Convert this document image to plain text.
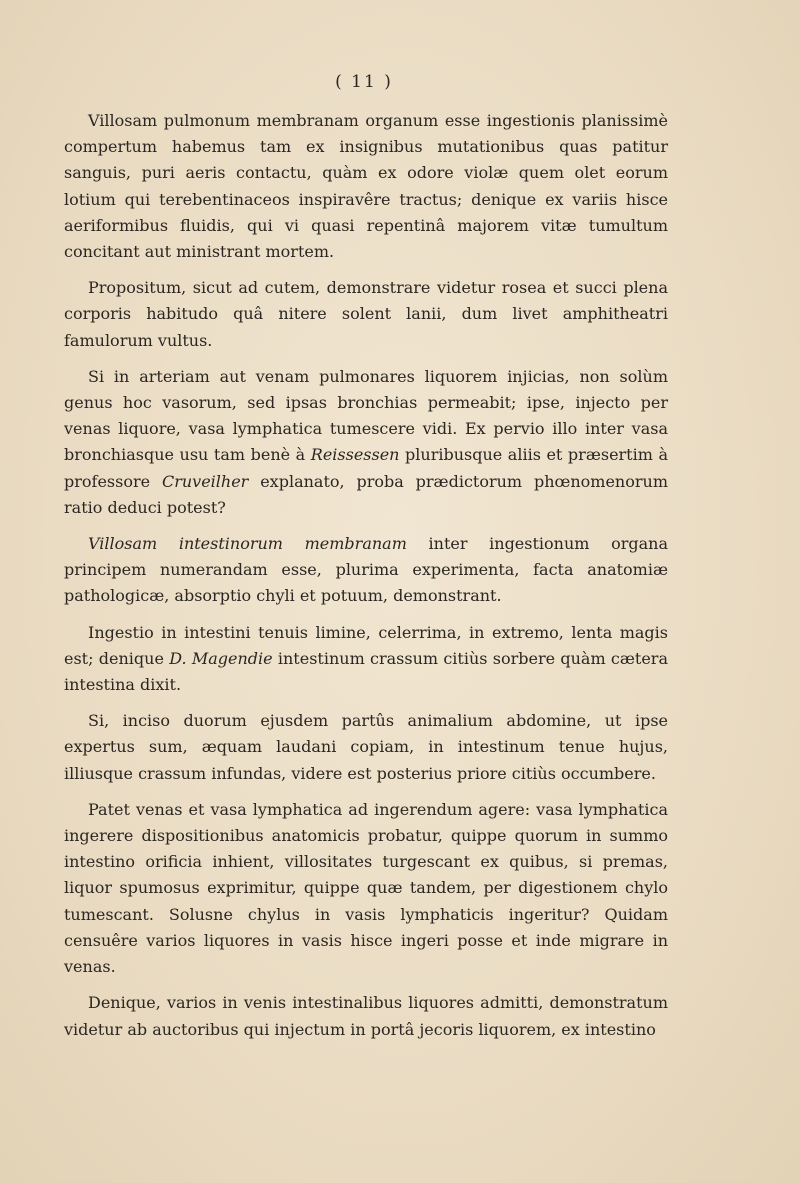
( 11 )

Villosam pulmonum membranam organum esse ingestionis planissimè compertum habemus tam ex insignibus mutationibus quas patitur sanguis, puri aeris contactu, quàm ex odore violæ quem olet eorum lotium qui terebentinaceos inspiravêre tractus; denique ex variis hisce aeriformibus fluidis, qui vi quasi repentinâ majorem vitæ tumultum concitant aut ministrant mortem.

Propositum, sicut ad cutem, demonstrare videtur rosea et succi plena corporis habitudo quâ nitere solent lanii, dum livet amphitheatri famulorum vultus.

Si in arteriam aut venam pulmonares liquorem injicias, non solùm genus hoc vasorum, sed ipsas bronchias permeabit; ipse, injecto per venas liquore, vasa lymphatica tumescere vidi. Ex pervio illo inter vasa bronchiasque usu tam benè à Reissessen pluribusque aliis et præsertim à professore Cruveilher explanato, proba prædictorum phœnomenorum ratio deduci potest?

Villosam intestinorum membranam inter ingestionum organa principem numerandam esse, plurima experimenta, facta anatomiæ pathologicæ, absorptio chyli et potuum, demonstrant.

Ingestio in intestini tenuis limine, celerrima, in extremo, lenta magis est; denique D. Magendie intestinum crassum citiùs sorbere quàm cætera intestina dixit.

Si, inciso duorum ejusdem partûs animalium abdomine, ut ipse expertus sum, æquam laudani copiam, in intestinum tenue hujus, illiusque crassum infundas, videre est posterius priore citiùs occumbere.

Patet venas et vasa lymphatica ad ingerendum agere: vasa lymphatica ingerere dispositionibus anatomicis probatur, quippe quorum in summo intestino orificia inhient, villositates turgescant ex quibus, si premas, liquor spumosus exprimitur, quippe quæ tandem, per digestionem chylo tumescant. Solusne chylus in vasis lymphaticis ingeritur? Quidam censuêre varios liquores in vasis hisce ingeri posse et inde migrare in venas.

Denique, varios in venis intestinalibus liquores admitti, demonstratum videtur ab auctoribus qui injectum in portâ jecoris liquorem, ex intestino
